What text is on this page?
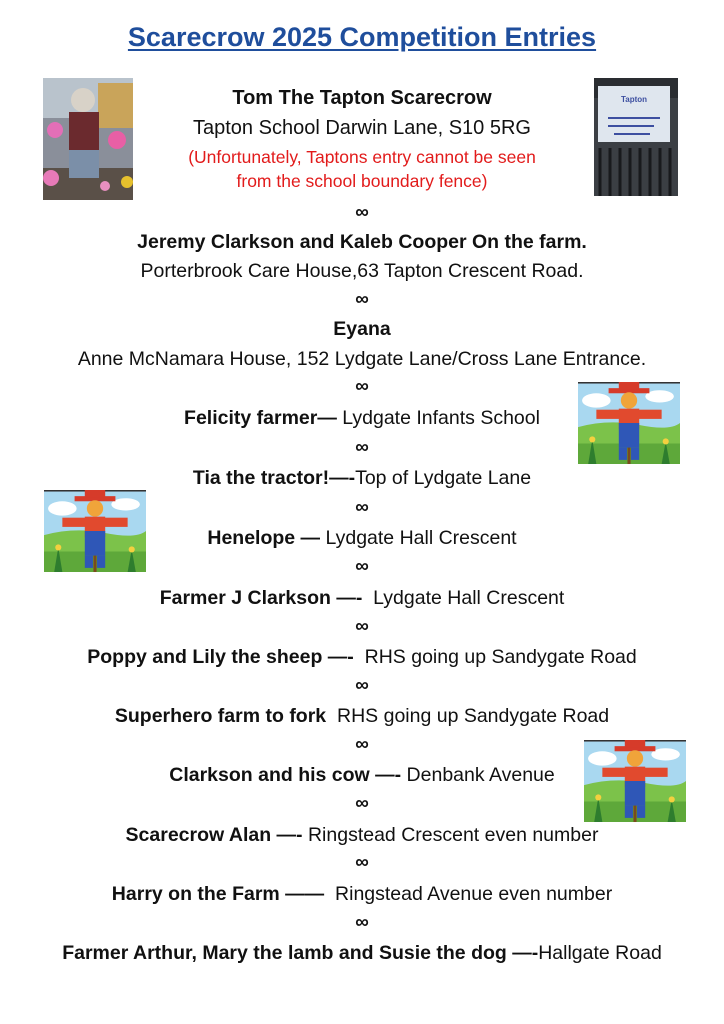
Scarecrow 2025 Competition Entries
Tapton
Tom The Tapton Scarecrow
Tapton School Darwin Lane, S10 5RG
(Unfortunately, Taptons entry cannot be seen
from the school boundary fence)
∞
Jeremy Clarkson and Kaleb Cooper On the farm.
Porterbrook Care House,63 Tapton Crescent Road.
∞
Eyana
Anne McNamara House, 152 Lydgate Lane/Cross Lane Entrance.
∞
Felicity farmer— Lydgate Infants School
∞
Tia the tractor!—-Top of Lydgate Lane
∞
Henelope — Lydgate Hall Crescent
∞
Farmer J Clarkson —-  Lydgate Hall Crescent
∞
Poppy and Lily the sheep —-  RHS going up Sandygate Road
∞
Superhero farm to fork  RHS going up Sandygate Road
∞
Clarkson and his cow —- Denbank Avenue
∞
Scarecrow Alan —- Ringstead Crescent even number
∞
Harry on the Farm ——  Ringstead Avenue even number
∞
Farmer Arthur, Mary the lamb and Susie the dog —-Hallgate Road
